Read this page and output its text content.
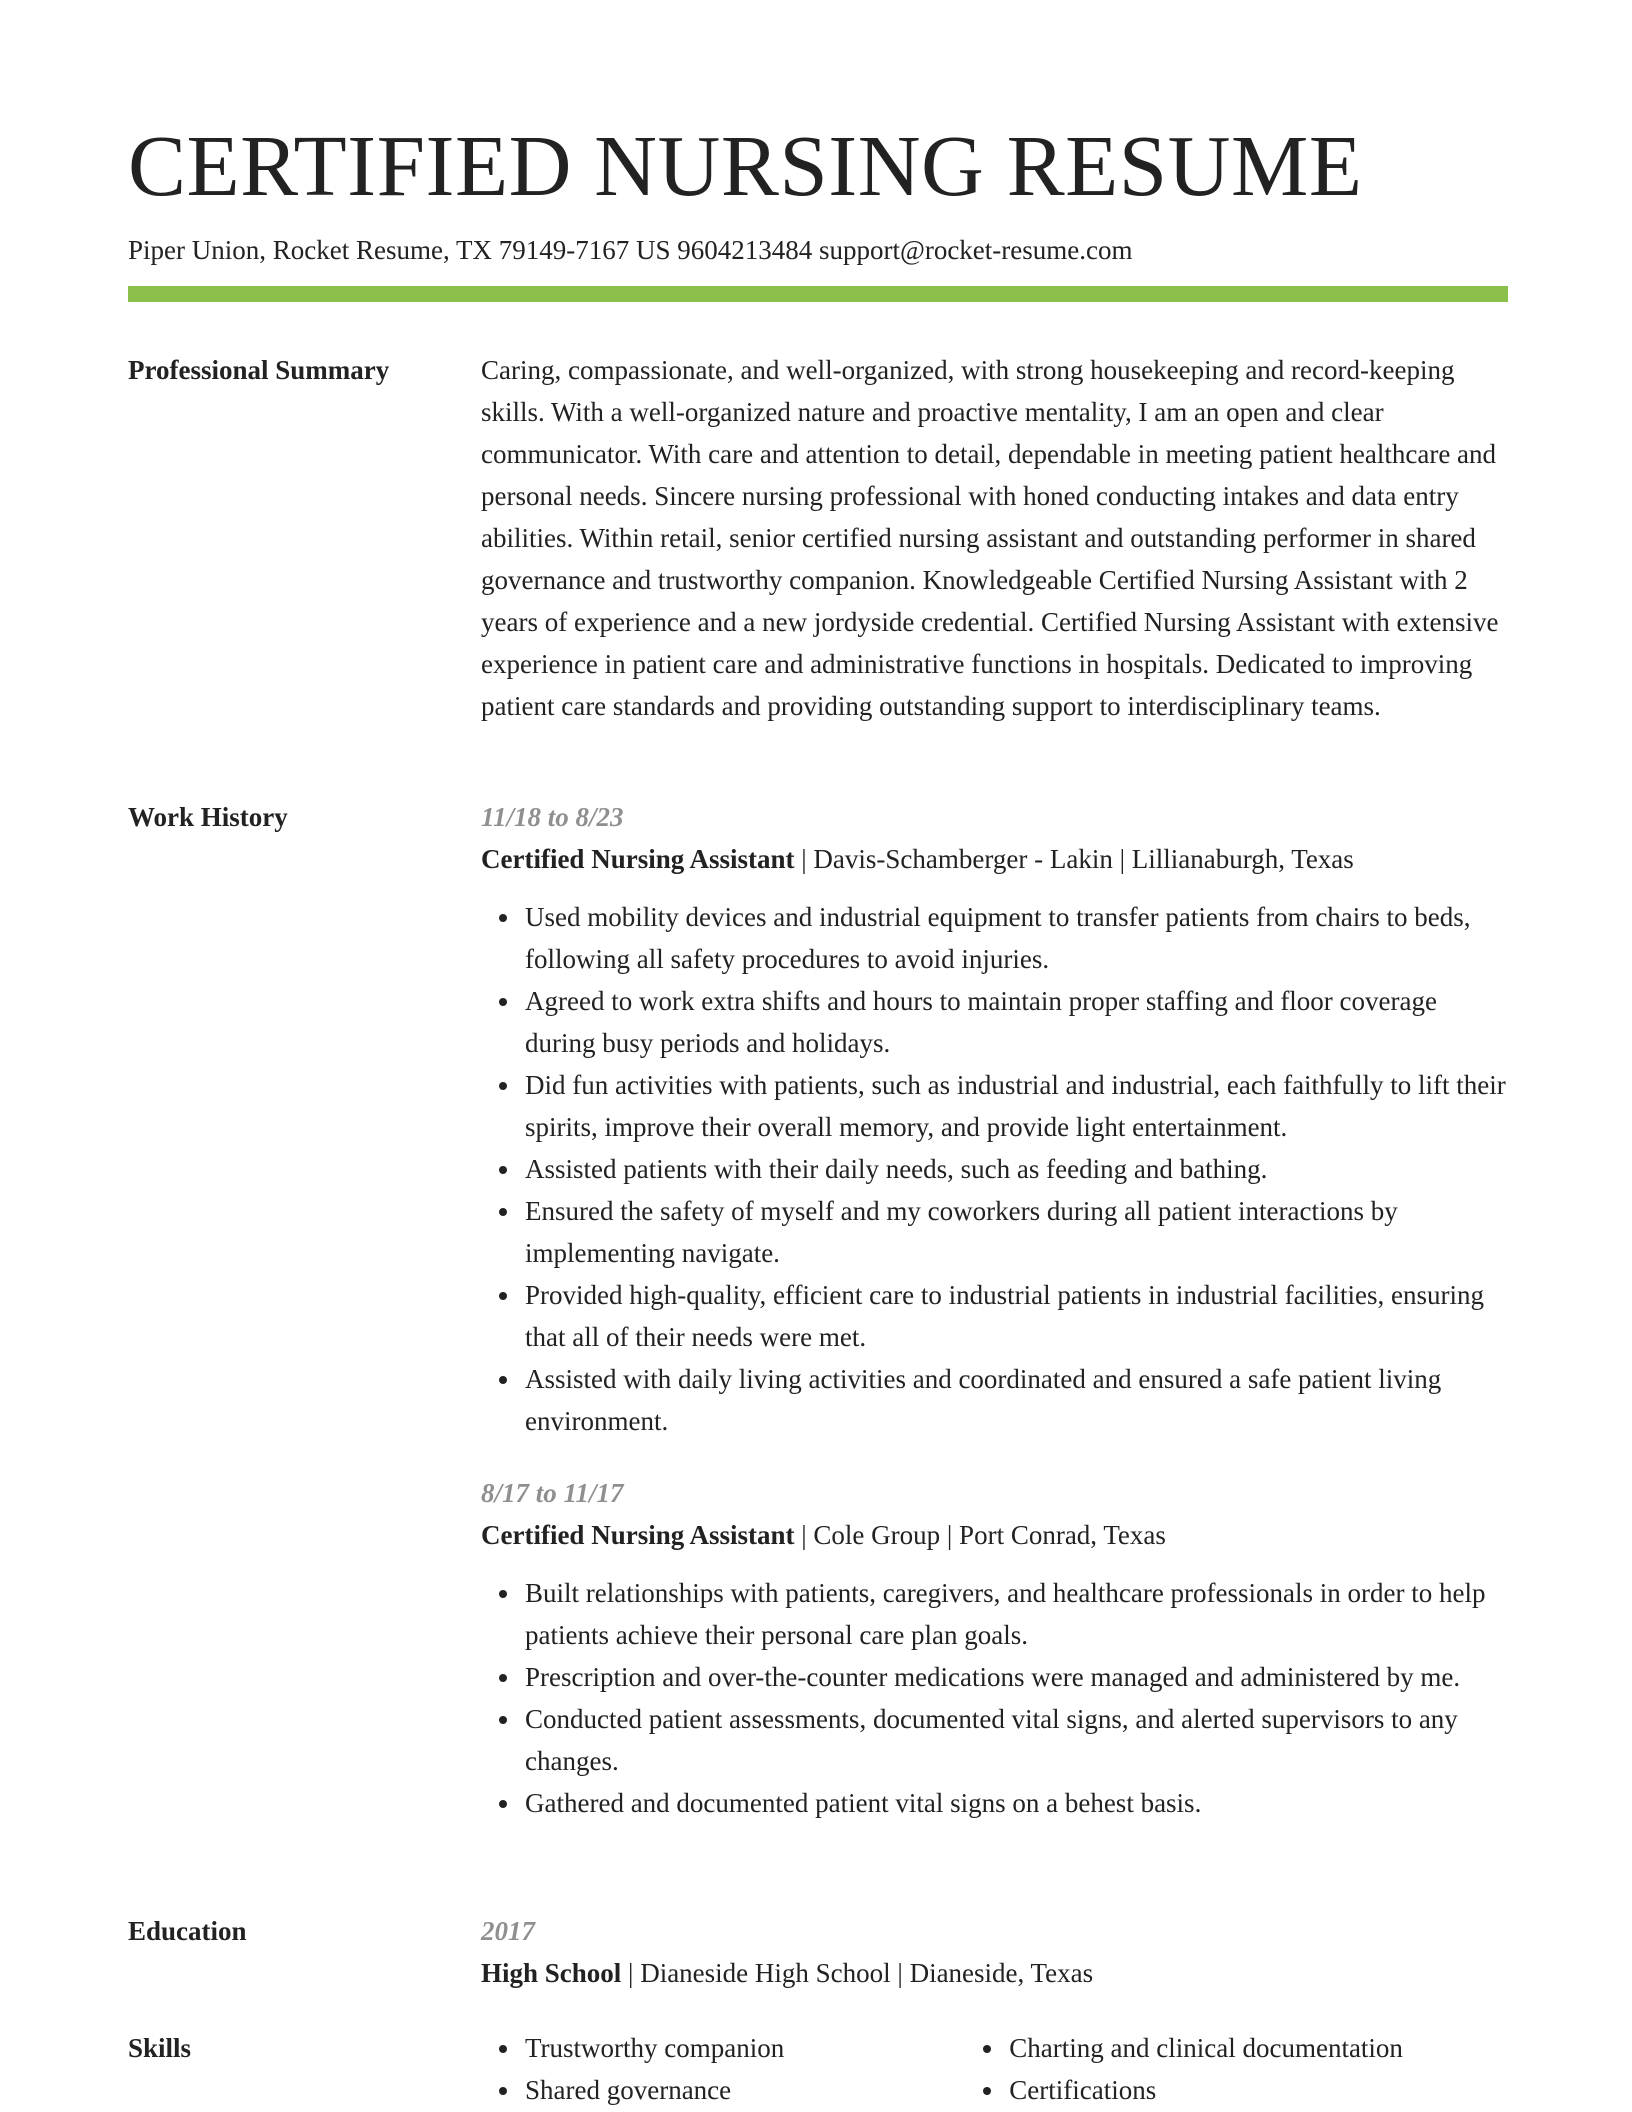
CERTIFIED NURSING RESUME
Piper Union, Rocket Resume, TX 79149-7167 US 9604213484 support@rocket-resume.com
Professional Summary	Caring, compassionate, and well-organized, with strong housekeeping and record-keeping skills. With a well-organized nature and proactive mentality, I am an open and clear communicator. With care and attention to detail, dependable in meeting patient healthcare and personal needs. Sincere nursing professional with honed conducting intakes and data entry abilities. Within retail, senior certified nursing assistant and outstanding performer in shared governance and trustworthy companion. Knowledgeable Certified Nursing Assistant with 2 years of experience and a new jordyside credential. Certified Nursing Assistant with extensive experience in patient care and administrative functions in hospitals. Dedicated to improving patient care standards and providing outstanding support to interdisciplinary teams.

Work History	11/18 to 8/23
Certified Nursing Assistant | Davis-Schamberger - Lakin | Lillianaburgh, Texas
Used mobility devices and industrial equipment to transfer patients from chairs to beds, following all safety procedures to avoid injuries.
Agreed to work extra shifts and hours to maintain proper staffing and floor coverage during busy periods and holidays.
Did fun activities with patients, such as industrial and industrial, each faithfully to lift their spirits, improve their overall memory, and provide light entertainment.
Assisted patients with their daily needs, such as feeding and bathing.
Ensured the safety of myself and my coworkers during all patient interactions by implementing navigate.
Provided high-quality, efficient care to industrial patients in industrial facilities, ensuring that all of their needs were met.
Assisted with daily living activities and coordinated and ensured a safe patient living environment.
8/17 to 11/17
Certified Nursing Assistant | Cole Group | Port Conrad, Texas
Built relationships with patients, caregivers, and healthcare professionals in order to help patients achieve their personal care plan goals.
Prescription and over-the-counter medications were managed and administered by me.
Conducted patient assessments, documented vital signs, and alerted supervisors to any changes.
Gathered and documented patient vital signs on a behest basis.
Education	2017
High School | Dianeside High School | Dianeside, Texas
Skills	Trustworthy companion
Shared governance
Charting and clinical documentation
Certifications
